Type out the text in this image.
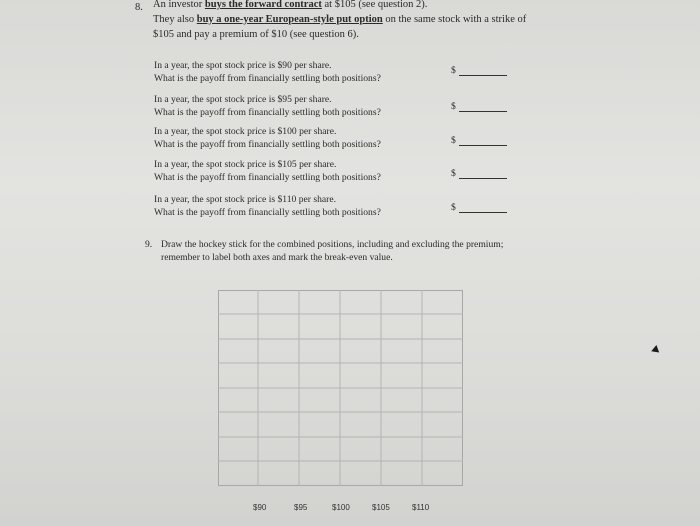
8. An investor buys the forward contract at $105 (see question 2).
They also buy a one-year European-style put option on the same stock with a strike of
$105 and pay a premium of $10 (see question 6).
In a year, the spot stock price is $90 per share.
What is the payoff from financially settling both positions?
$
In a year, the spot stock price is $95 per share.
What is the payoff from financially settling both positions?
$
In a year, the spot stock price is $100 per share.
What is the payoff from financially settling both positions?	$
In a year, the spot stock price is $105 per share.
What is the payoff from financially settling both positions?	$
In a year, the spot stock price is $110 per share.
What is the payoff from financially settling both positions?	$
9. Draw the hockey stick for the combined positions, including and excluding the premium;
remember to label both axes and mark the break-even value.
$90	$95	$100	$105	$110
